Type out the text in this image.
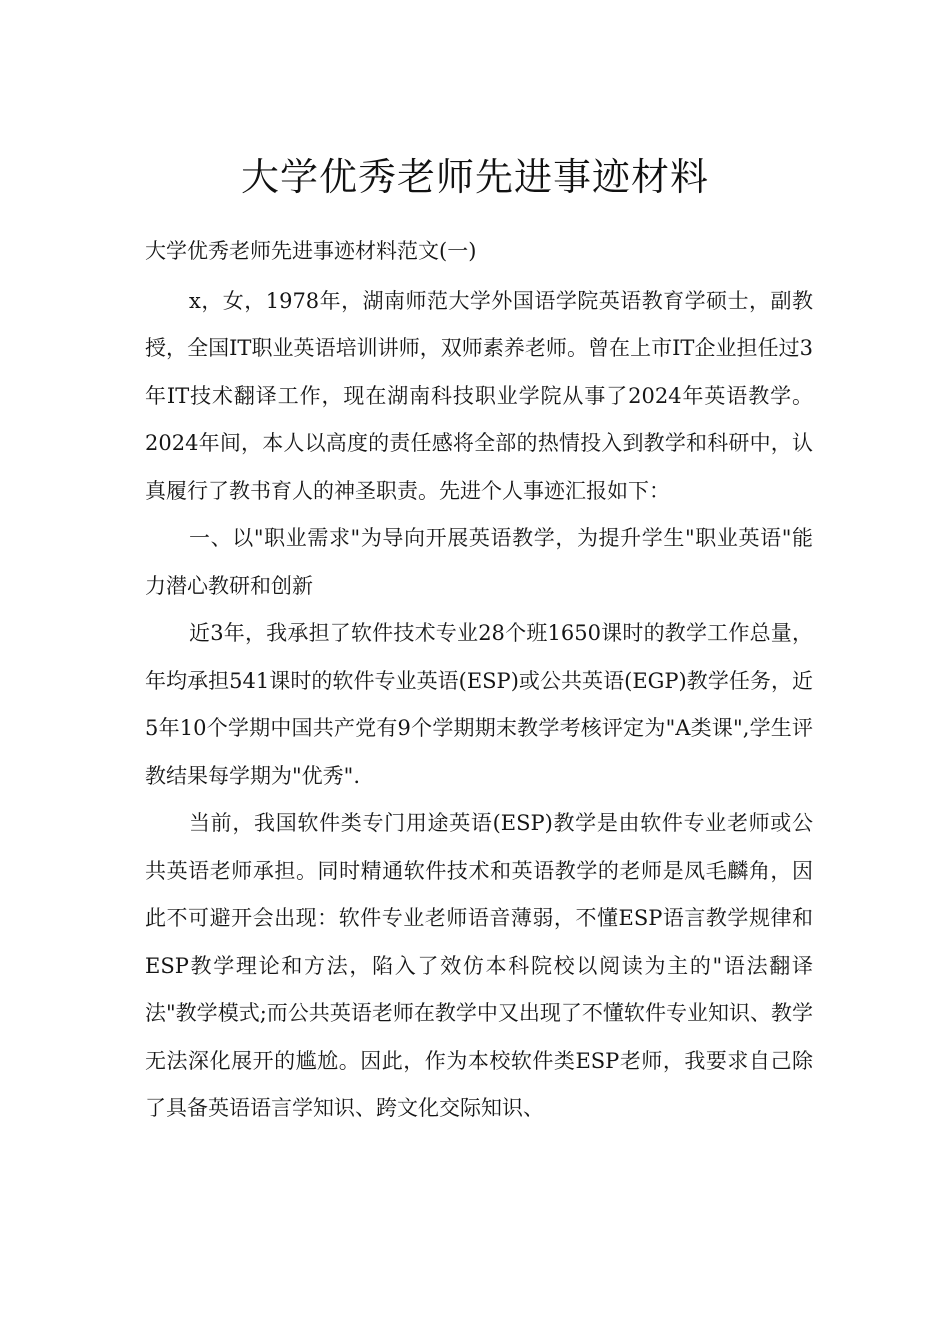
大学优秀老师先进事迹材料

大学优秀老师先进事迹材料范文(一)

x，女，1978年，湖南师范大学外国语学院英语教育学硕士，副教授，全国IT职业英语培训讲师，双师素养老师。曾在上市IT企业担任过3年IT技术翻译工作，现在湖南科技职业学院从事了2024年英语教学。2024年间，本人以高度的责任感将全部的热情投入到教学和科研中，认真履行了教书育人的神圣职责。先进个人事迹汇报如下：

一、以"职业需求"为导向开展英语教学，为提升学生"职业英语"能力潜心教研和创新

近3年，我承担了软件技术专业28个班1650课时的教学工作总量，年均承担541课时的软件专业英语(ESP)或公共英语(EGP)教学任务，近5年10个学期中国共产党有9个学期期末教学考核评定为"A类课",学生评教结果每学期为"优秀".

当前，我国软件类专门用途英语(ESP)教学是由软件专业老师或公共英语老师承担。同时精通软件技术和英语教学的老师是凤毛麟角，因此不可避开会出现：软件专业老师语音薄弱，不懂ESP语言教学规律和ESP教学理论和方法，陷入了效仿本科院校以阅读为主的"语法翻译法"教学模式;而公共英语老师在教学中又出现了不懂软件专业知识、教学无法深化展开的尴尬。因此，作为本校软件类ESP老师，我要求自己除了具备英语语言学知识、跨文化交际知识、
